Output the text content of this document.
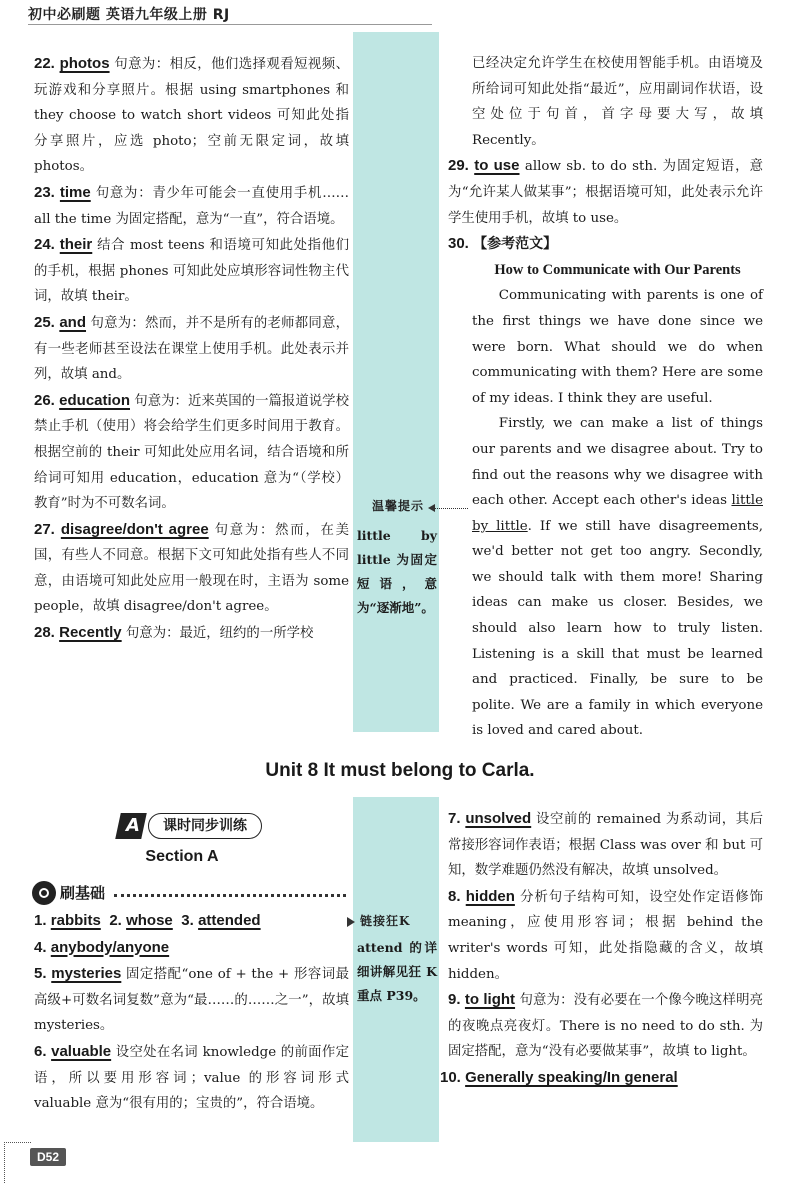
初中必刷题 英语九年级上册 RJ

22. photos 句意为：相反，他们选择观看短视频、玩游戏和分享照片。根据 using smartphones 和 they choose to watch short videos 可知此处指分享照片，应选 photo；空前无限定词，故填 photos。

23. time 句意为：青少年可能会一直使用手机…… all the time 为固定搭配，意为“一直”，符合语境。

24. their 结合 most teens 和语境可知此处指他们的手机，根据 phones 可知此处应填形容词性物主代词，故填 their。

25. and 句意为：然而，并不是所有的老师都同意，有一些老师甚至设法在课堂上使用手机。此处表示并列，故填 and。

26. education 句意为：近来英国的一篇报道说学校禁止手机（使用）将会给学生们更多时间用于教育。根据空前的 their 可知此处应用名词，结合语境和所给词可知用 education，education 意为“（学校）教育”时为不可数名词。

27. disagree/don't agree 句意为：然而，在美国，有些人不同意。根据下文可知此处指有些人不同意，由语境可知此处应用一般现在时，主语为 some people，故填 disagree/don't agree。

28. Recently 句意为：最近，纽约的一所学校

温馨提示
little by little 为固定短语，意为“逐渐地”。

已经决定允许学生在校使用智能手机。由语境及所给词可知此处指“最近”，应用副词作状语，设空处位于句首，首字母要大写，故填 Recently。

29. to use allow sb. to do sth. 为固定短语，意为“允许某人做某事”；根据语境可知，此处表示允许学生使用手机，故填 to use。

30. 【参考范文】

How to Communicate with Our Parents

Communicating with parents is one of the first things we have done since we were born. What should we do when communicating with them? Here are some of my ideas. I think they are useful.

Firstly, we can make a list of things our parents and we disagree about. Try to find out the reasons why we disagree with each other. Accept each other's ideas little by little. If we still have disagreements, we'd better not get too angry. Secondly, we should talk with them more! Sharing ideas can make us closer. Besides, we should also learn how to truly listen. Listening is a skill that must be learned and practiced. Finally, be sure to be polite. We are a family in which everyone is loved and cared about.

Unit 8 It must belong to Carla.
A	课时同步训练
Section A
刷基础

1. rabbits 2. whose 3. attended

4. anybody/anyone

5. mysteries 固定搭配“one of + the + 形容词最高级+可数名词复数”意为“最……的……之一”，故填 mysteries。

6. valuable 设空处在名词 knowledge 的前面作定语，所以要用形容词；value 的形容词形式 valuable 意为“很有用的；宝贵的”，符合语境。

链接狂K
attend 的详细讲解见狂 K 重点 P39。

7. unsolved 设空前的 remained 为系动词，其后常接形容词作表语；根据 Class was over 和 but 可知，数学难题仍然没有解决，故填 unsolved。

8. hidden 分析句子结构可知，设空处作定语修饰 meaning，应使用形容词；根据 behind the writer's words 可知，此处指隐藏的含义，故填 hidden。

9. to light 句意为：没有必要在一个像今晚这样明亮的夜晚点亮夜灯。There is no need to do sth. 为固定搭配，意为“没有必要做某事”，故填 to light。

10. Generally speaking/In general

D52
